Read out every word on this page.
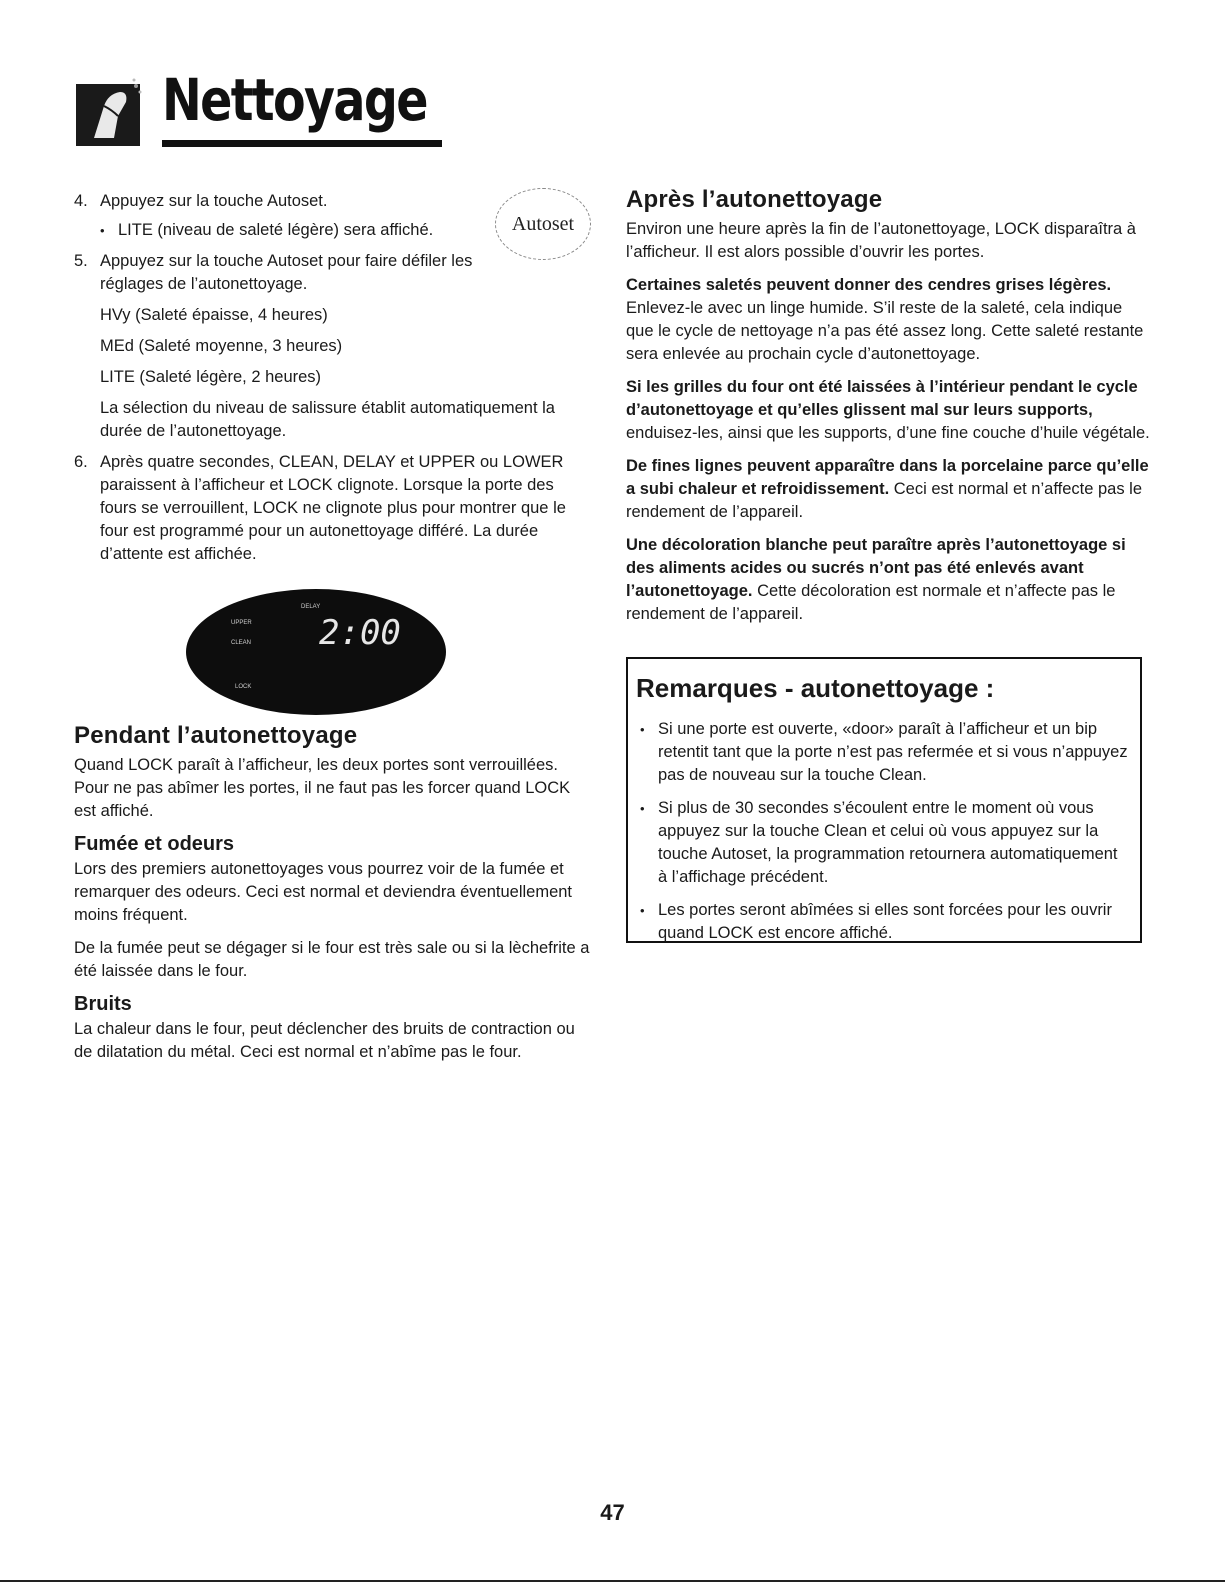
Nettoyage
Autoset
4. Appuyez sur la touche Autoset.

• LITE (niveau de saleté légère) sera affiché.
5. Appuyez sur la touche Autoset pour faire défiler les réglages de l’autonettoyage.

HVy (Saleté épaisse, 4 heures)
MEd (Saleté moyenne, 3 heures)
LITE (Saleté légère, 2 heures)
La sélection du niveau de salissure établit automatiquement la durée de l’autonettoyage.
6. Après quatre secondes, CLEAN, DELAY et UPPER ou LOWER paraissent à l’afficheur et LOCK clignote. Lorsque la porte des fours se verrouillent, LOCK ne clignote plus pour montrer que le four est programmé pour un autonettoyage différé. La durée d’attente est affichée.

Pendant l’autonettoyage

Quand LOCK paraît à l’afficheur, les deux portes sont verrouillées. Pour ne pas abîmer les portes, il ne faut pas les forcer quand LOCK est affiché.

Fumée et odeurs

Lors des premiers autonettoyages vous pourrez voir de la fumée et remarquer des odeurs. Ceci est normal et deviendra éventuellement moins fréquent.

De la fumée peut se dégager si le four est très sale ou si la lèchefrite a été laissée dans le four.

Bruits

La chaleur dans le four, peut déclencher des bruits de contraction ou de dilatation du métal. Ceci est normal et n’abîme pas le four.

UPPER
CLEAN
DELAY
LOCK
2:00
Après l’autonettoyage

Environ une heure après la fin de l’autonettoyage, LOCK disparaîtra à l’afficheur. Il est alors possible d’ouvrir les portes.

Certaines saletés peuvent donner des cendres grises légères. Enlevez-le avec un linge humide. S’il reste de la saleté, cela indique que le cycle de nettoyage n’a pas été assez long. Cette saleté restante sera enlevée au prochain cycle d’autonettoyage.

Si les grilles du four ont été laissées à l’intérieur pendant le cycle d’autonettoyage et qu’elles glissent mal sur leurs supports, enduisez-les, ainsi que les supports, d’une fine couche d’huile végétale.

De fines lignes peuvent apparaître dans la porcelaine parce qu’elle a subi chaleur et refroidissement. Ceci est normal et n’affecte pas le rendement de l’appareil.

Une décoloration blanche peut paraître après l’autonettoyage si des aliments acides ou sucrés n’ont pas été enlevés avant l’autonettoyage. Cette décoloration est normale et n’affecte pas le rendement de l’appareil.

Remarques - autonettoyage :
• Si une porte est ouverte, «door» paraît à l’afficheur et un bip retentit tant que la porte n’est pas refermée et si vous n’appuyez pas de nouveau sur la touche Clean.
• Si plus de 30 secondes s’écoulent entre le moment où vous appuyez sur la touche Clean et celui où vous appuyez sur la touche Autoset, la programmation retournera automatiquement à l’affichage précédent.
• Les portes seront abîmées si elles sont forcées pour les ouvrir quand LOCK est encore affiché.
47
